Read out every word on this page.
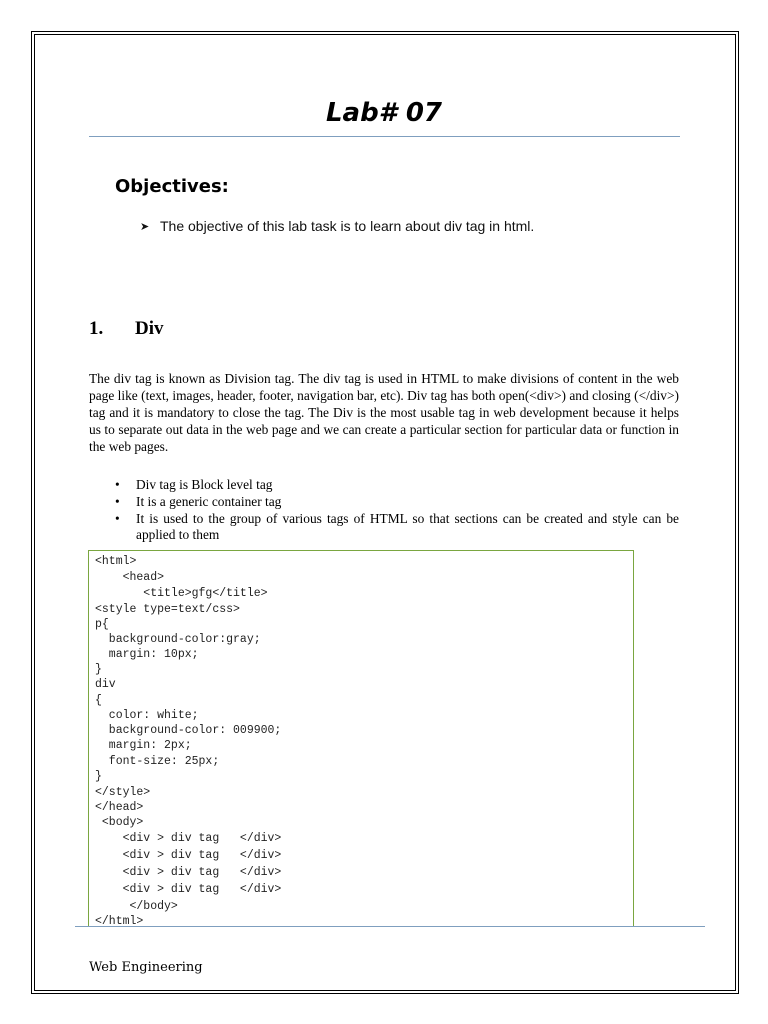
Lab# 07
Objectives:
➤ The objective of this lab task is to learn about div tag in html.
1. Div

The div tag is known as Division tag. The div tag is used in HTML to make divisions of content in the web page like (text, images, header, footer, navigation bar, etc). Div tag has both open(<div>) and closing (</div>) tag and it is mandatory to close the tag. The Div is the most usable tag in web development because it helps us to separate out data in the web page and we can create a particular section for particular data or function in the web pages.

• Div tag is Block level tag
• It is a generic container tag
• It is used to the group of various tags of HTML so that sections can be created and style can be applied to them
<html>
<head>
<title>gfg</title>
<style type=text/css>
p{
background-color:gray;
margin: 10px;
}
div
{
color: white;
background-color: 009900;
margin: 2px;
font-size: 25px;
}
</style>
</head>
<body>
<div > div tag   </div>
<div > div tag   </div>
<div > div tag   </div>
<div > div tag   </div>
</body>
</html>
Web Engineering
